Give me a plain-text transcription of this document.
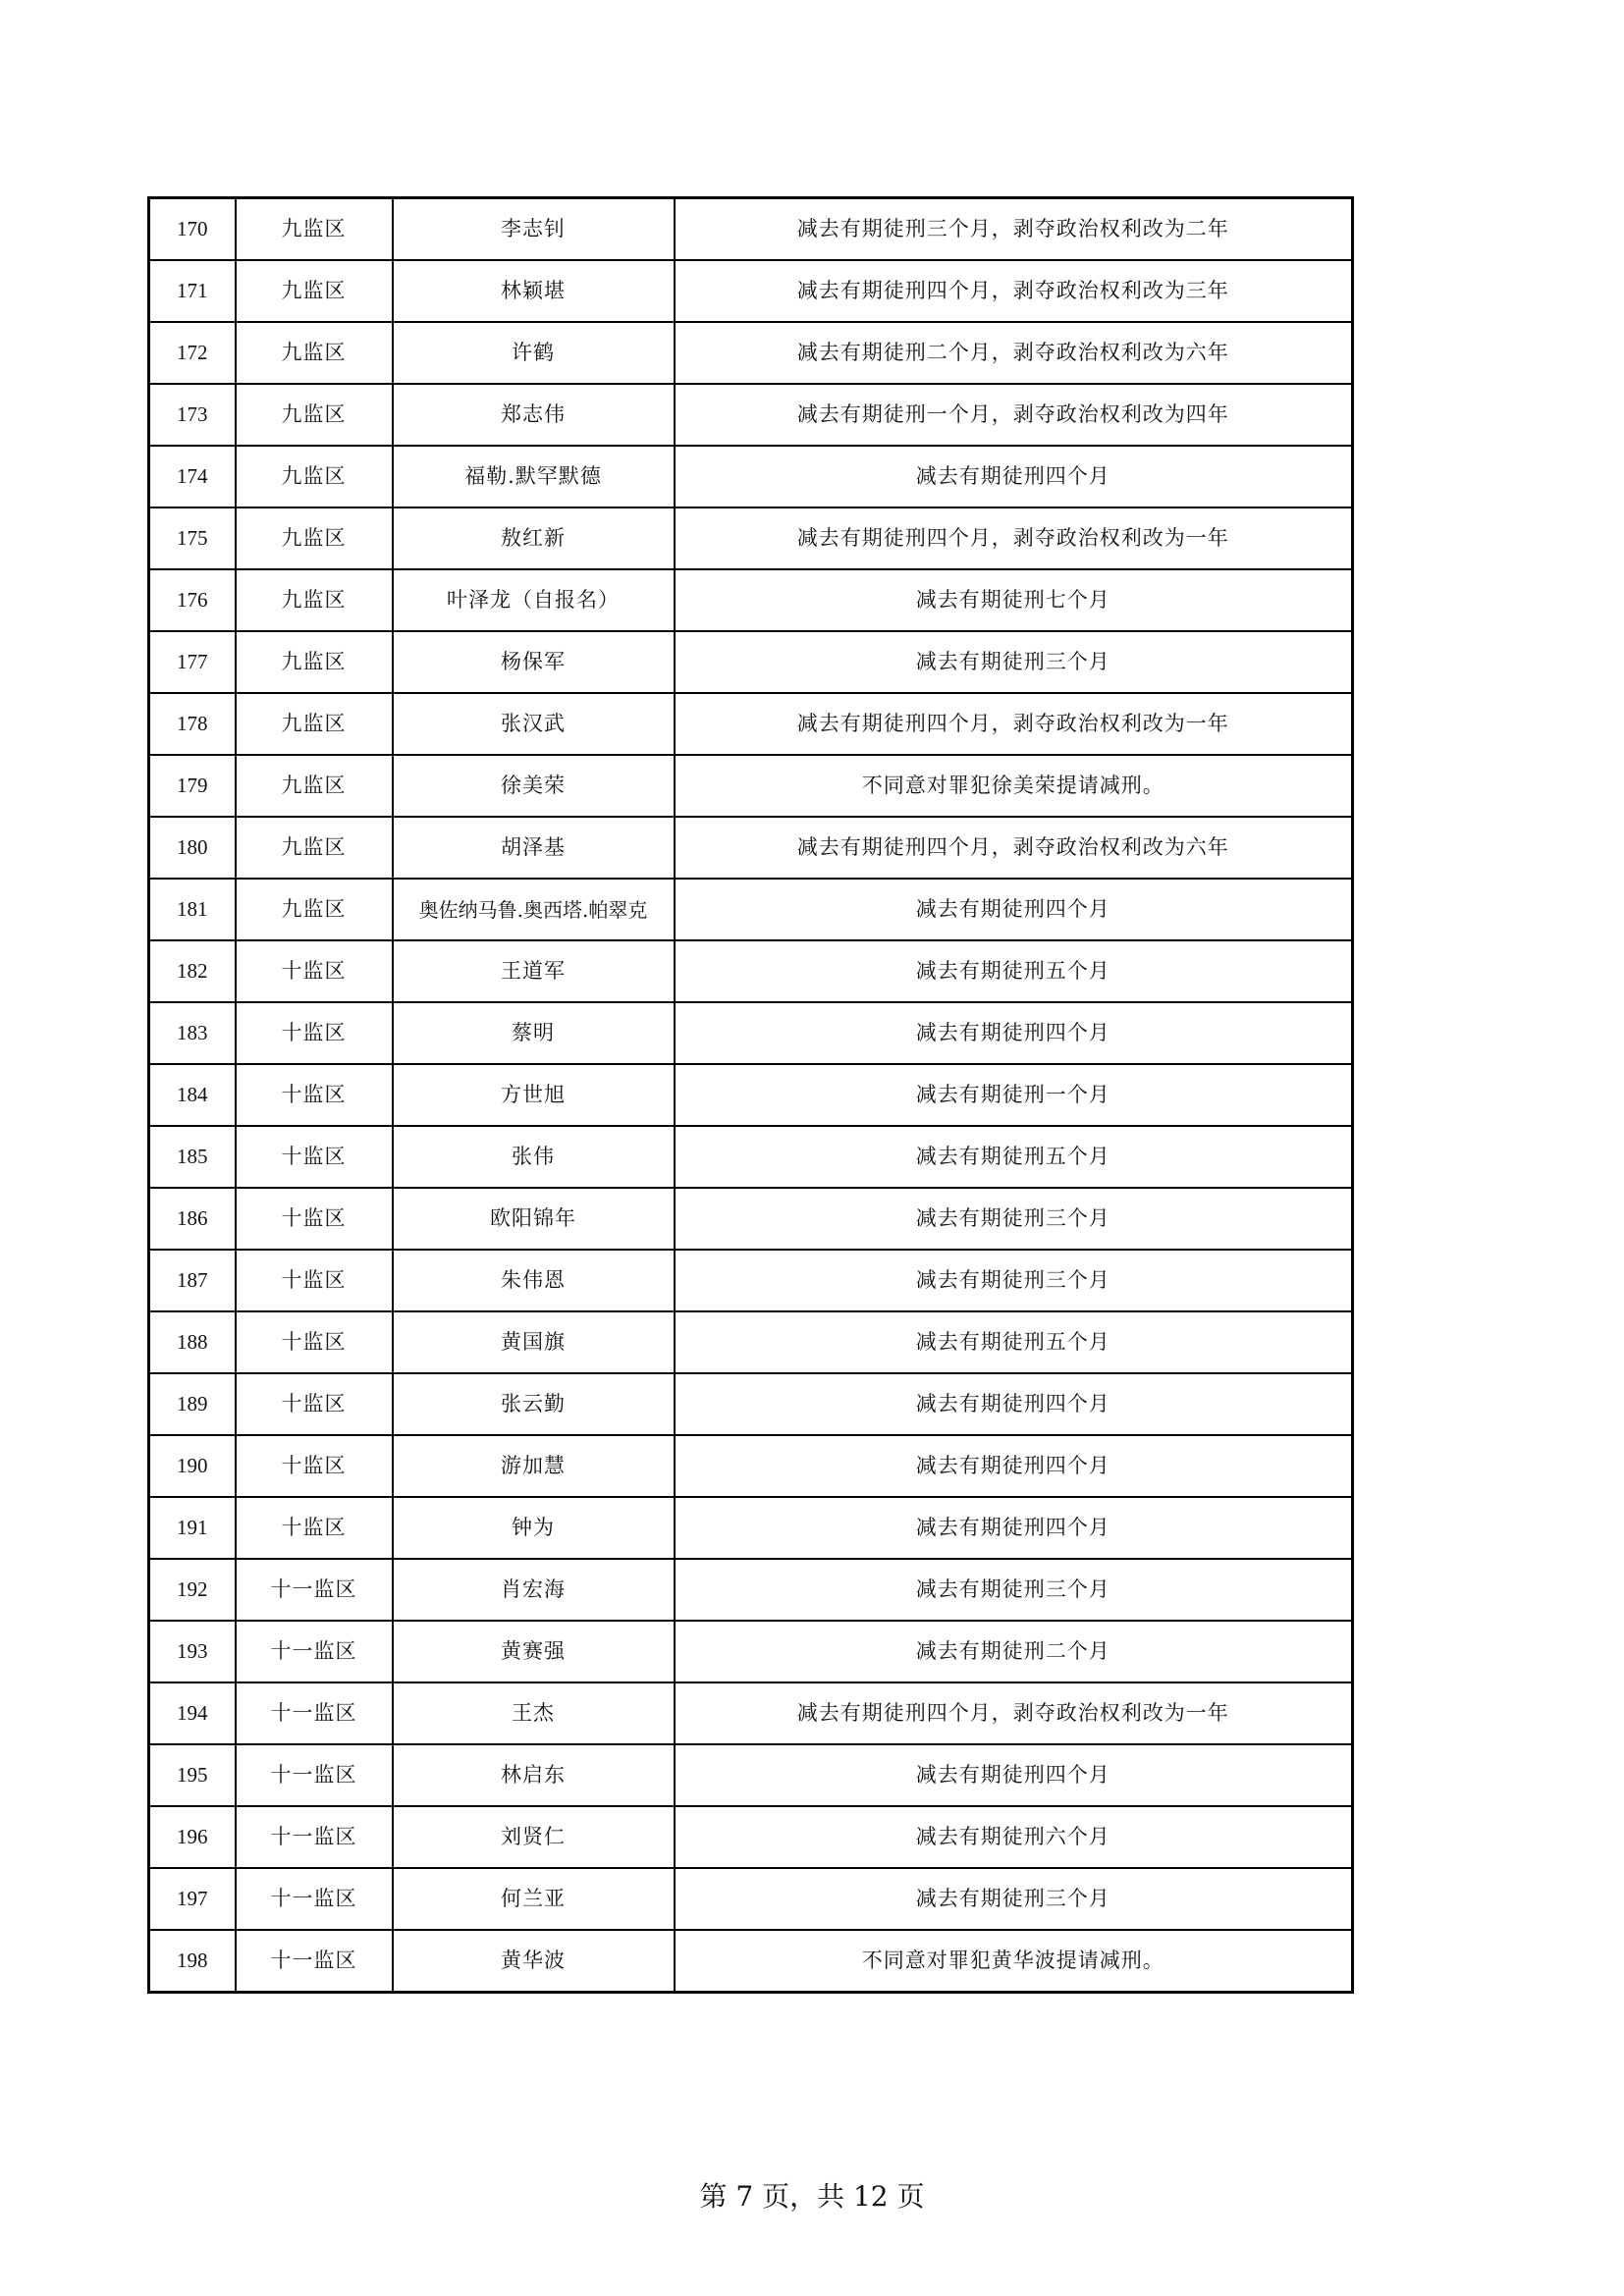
170	九监区	李志钊	减去有期徒刑三个月，剥夺政治权利改为二年
171	九监区	林颖堪	减去有期徒刑四个月，剥夺政治权利改为三年
172	九监区	许鹤	减去有期徒刑二个月，剥夺政治权利改为六年
173	九监区	郑志伟	减去有期徒刑一个月，剥夺政治权利改为四年
174	九监区	福勒.默罕默德	减去有期徒刑四个月
175	九监区	敖红新	减去有期徒刑四个月，剥夺政治权利改为一年
176	九监区	叶泽龙（自报名）	减去有期徒刑七个月
177	九监区	杨保军	减去有期徒刑三个月
178	九监区	张汉武	减去有期徒刑四个月，剥夺政治权利改为一年
179	九监区	徐美荣	不同意对罪犯徐美荣提请减刑。
180	九监区	胡泽基	减去有期徒刑四个月，剥夺政治权利改为六年
181	九监区	奥佐纳马鲁.奥西塔.帕翠克	减去有期徒刑四个月
182	十监区	王道军	减去有期徒刑五个月
183	十监区	蔡明	减去有期徒刑四个月
184	十监区	方世旭	减去有期徒刑一个月
185	十监区	张伟	减去有期徒刑五个月
186	十监区	欧阳锦年	减去有期徒刑三个月
187	十监区	朱伟恩	减去有期徒刑三个月
188	十监区	黄国旗	减去有期徒刑五个月
189	十监区	张云勤	减去有期徒刑四个月
190	十监区	游加慧	减去有期徒刑四个月
191	十监区	钟为	减去有期徒刑四个月
192	十一监区	肖宏海	减去有期徒刑三个月
193	十一监区	黄赛强	减去有期徒刑二个月
194	十一监区	王杰	减去有期徒刑四个月，剥夺政治权利改为一年
195	十一监区	林启东	减去有期徒刑四个月
196	十一监区	刘贤仁	减去有期徒刑六个月
197	十一监区	何兰亚	减去有期徒刑三个月
198	十一监区	黄华波	不同意对罪犯黄华波提请减刑。
第 7 页，共 12 页
